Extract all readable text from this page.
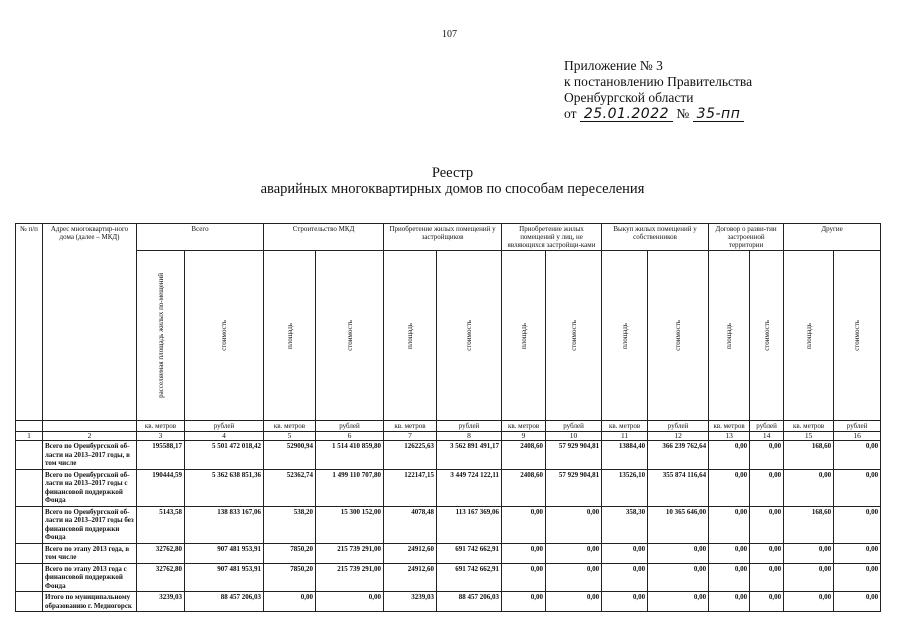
107
Приложение № 3
к постановлению Правительства
Оренбургской области
от 25.01.2022 № 35-пп
Реестр
аварийных многоквартирных домов по способам переселения
№ п/п	Адрес многоквартир-ного дома (далее – МКД)	Всего		Строительство МКД		Приобретение жилых помещений у застройщиков		Приобретение жилых помещений у лиц, не являющихся застройщи-ками		Выкуп жилых помещений у собственников		Договор о разви-тии застроенной территории		Другие	

		расселяемая площадь жилых по-мещений	стоимость	площадь	стоимость	площадь	стоимость	площадь	стоимость	площадь	стоимость	площадь	стоимость	площадь	стоимость

		кв. метров	рублей	кв. метров	рублей	кв. метров	рублей	кв. метров	рублей	кв. метров	рублей	кв. метров	рублей	кв. метров	рублей
1	2	3	4	5	6	7	8	9	10	11	12	13	14	15	16
	Всего по Оренбургской об-ласти на 2013–2017 годы, в том числе	195588,17	5 501 472 018,42	52900,94	1 514 410 859,80	126225,63	3 562 891 491,17	2408,60	57 929 904,81	13884,40	366 239 762,64	0,00	0,00	168,60	0,00
	Всего по Оренбургской об-ласти на 2013–2017 годы с финансовой поддержкой Фонда	190444,59	5 362 638 851,36	52362,74	1 499 110 707,80	122147,15	3 449 724 122,11	2408,60	57 929 904,81	13526,10	355 874 116,64	0,00	0,00	0,00	0,00
	Всего по Оренбургской об-ласти на 2013–2017 годы без финансовой поддержки Фонда	5143,58	138 833 167,06	538,20	15 300 152,00	4078,48	113 167 369,06	0,00	0,00	358,30	10 365 646,00	0,00	0,00	168,60	0,00
	Всего по этапу 2013 года, в том числе	32762,80	907 481 953,91	7850,20	215 739 291,00	24912,60	691 742 662,91	0,00	0,00	0,00	0,00	0,00	0,00	0,00	0,00
	Всего по этапу 2013 года с финансовой поддержкой Фонда	32762,80	907 481 953,91	7850,20	215 739 291,00	24912,60	691 742 662,91	0,00	0,00	0,00	0,00	0,00	0,00	0,00	0,00
	Итого по муниципальному образованию г. Медногорск	3239,03	88 457 206,03	0,00	0,00	3239,03	88 457 206,03	0,00	0,00	0,00	0,00	0,00	0,00	0,00	0,00
